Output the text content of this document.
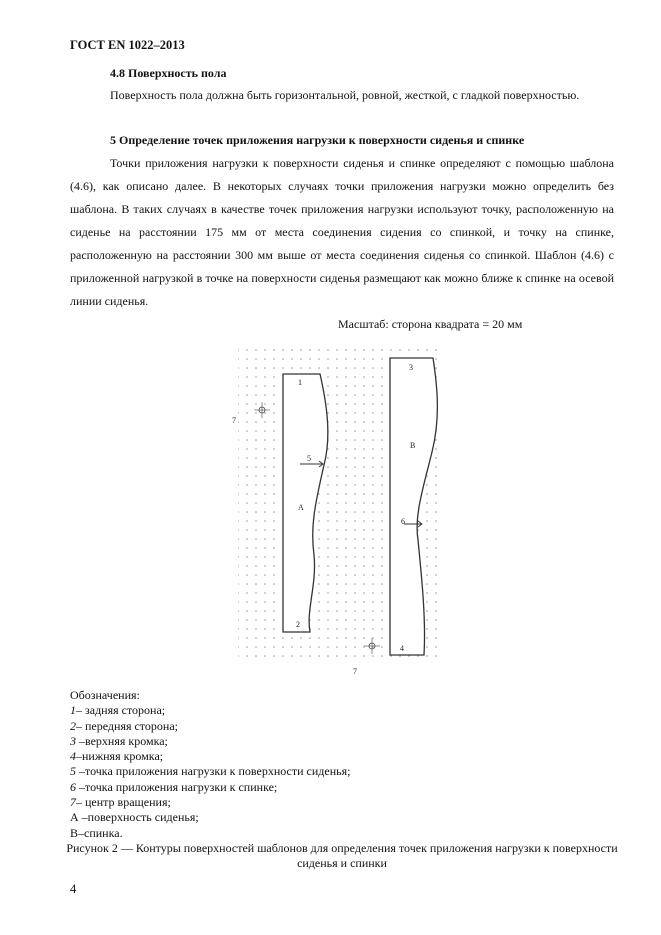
ГОСТ EN 1022–2013
4.8 Поверхность пола
Поверхность пола должна быть горизонтальной, ровной, жесткой, с гладкой поверхностью.
5 Определение точек приложения нагрузки к поверхности сиденья и спинке
Точки приложения нагрузки к поверхности сиденья и спинке определяют с помощью шаблона (4.6), как описано далее. В некоторых случаях точки приложения нагрузки можно определить без шаблона. В таких случаях в качестве точек приложения нагрузки используют точку, расположенную на сиденье на расстоянии 175 мм от места соединения сидения со спинкой, и точку на спинке, расположенную на расстоянии 300 мм выше от места соединения сиденья со спинкой. Шаблон (4.6) с приложенной нагрузкой в точке на поверхности сиденья размещают как можно ближе к спинке на осевой линии сиденья.
Масштаб: сторона квадрата = 20 мм
1
2
3
4
5
6
7
7
A
B
Обозначения:
1– задняя сторона;
2– передняя сторона;
3 –верхняя кромка;
4–нижняя кромка;
5 –точка приложения нагрузки к поверхности сиденья;
6 –точка приложения нагрузки к спинке;
7– центр вращения;
А –поверхность сиденья;
В–спинка.
Рисунок 2 — Контуры поверхностей шаблонов для определения точек приложения нагрузки к поверхности сиденья и спинки
4
